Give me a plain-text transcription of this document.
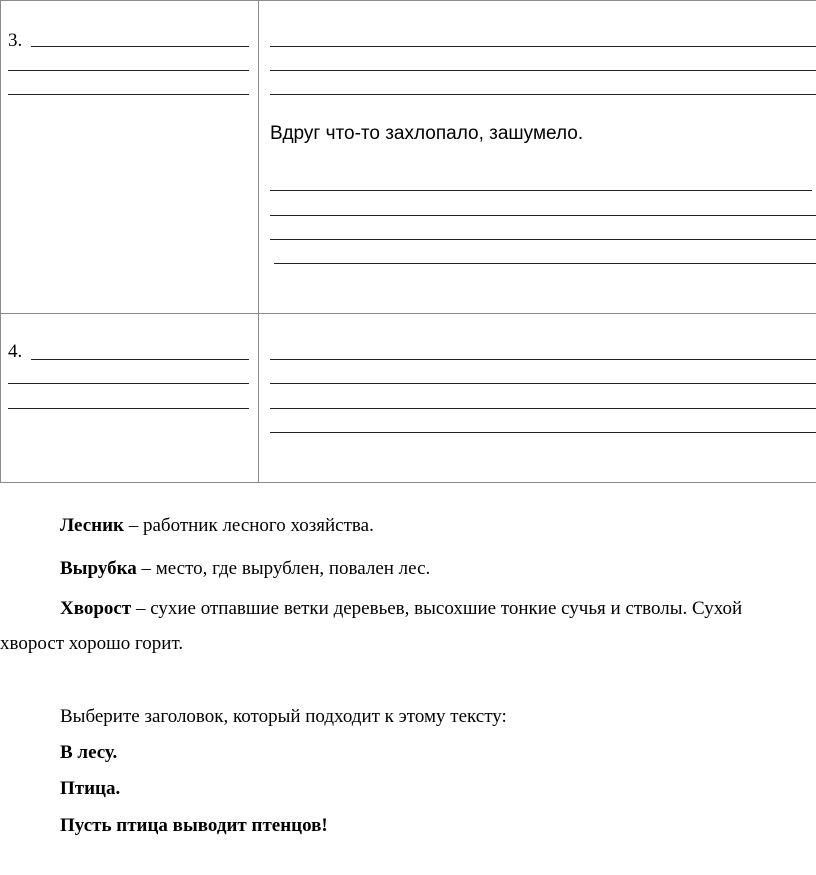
3.
Вдруг что-то захлопало, зашумело.
4.
Лесник – работник лесного хозяйства.
Вырубка – место, где вырублен, повален лес.
Хворост – сухие отпавшие ветки деревьев, высохшие тонкие сучья и стволы. Сухой
хворост хорошо горит.
Выберите заголовок, который подходит к этому тексту:
В лесу.
Птица.
Пусть птица выводит птенцов!
